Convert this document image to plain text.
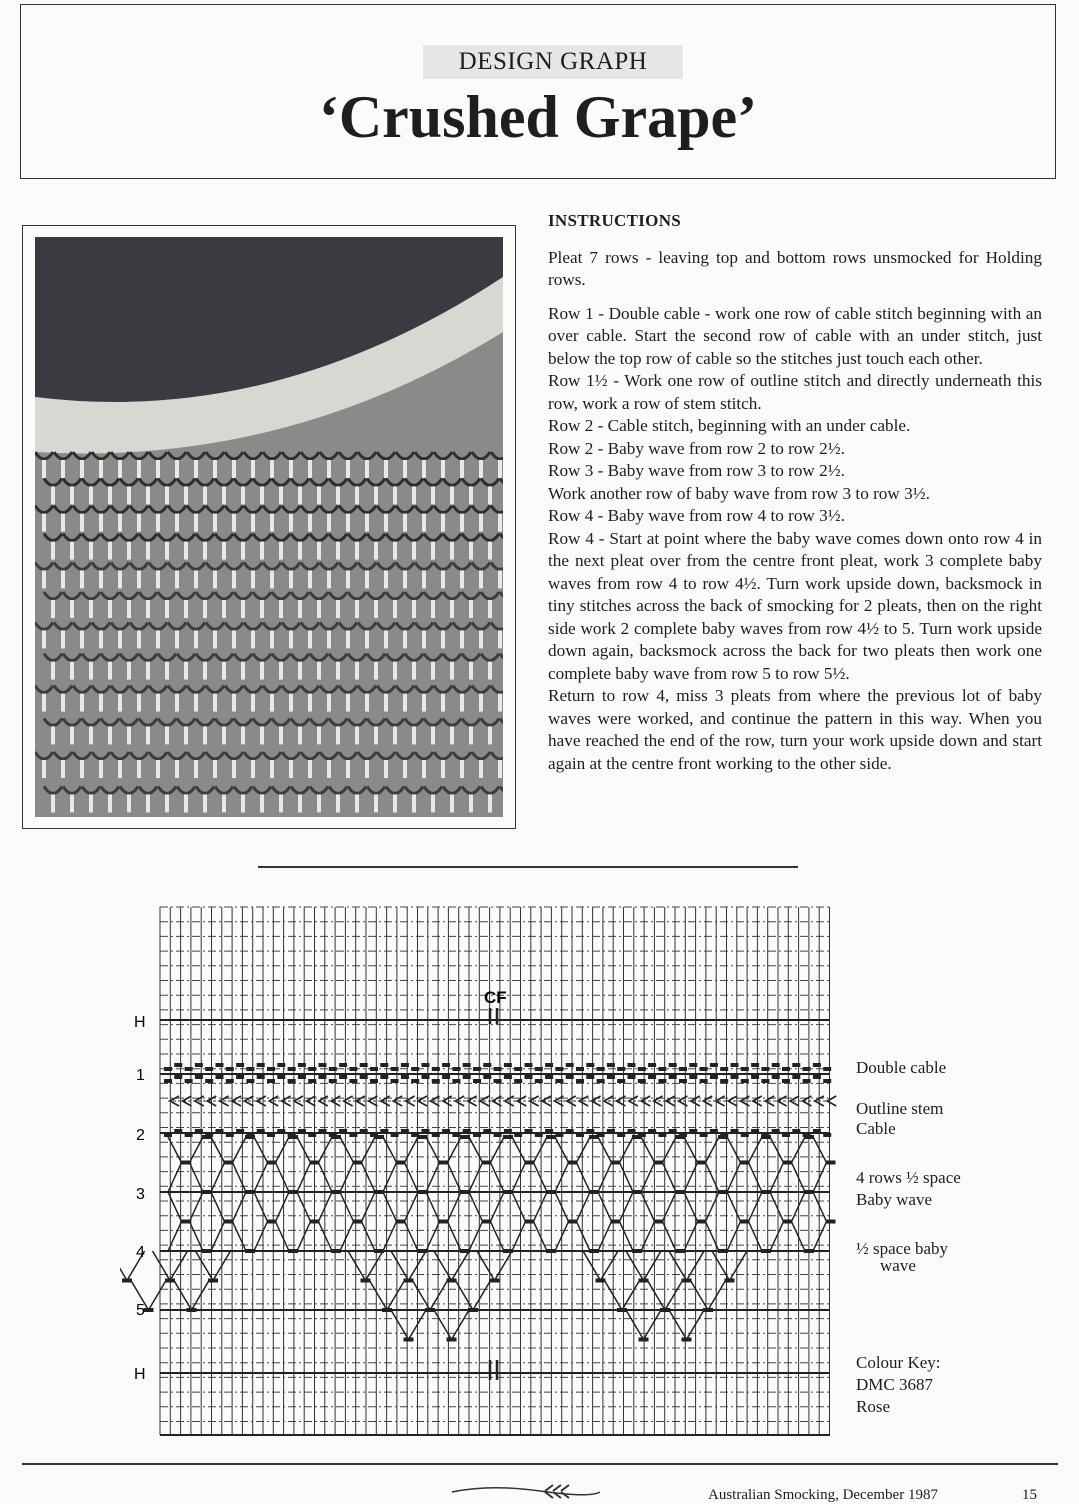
DESIGN GRAPH
‘Crushed Grape’
INSTRUCTIONS

Pleat 7 rows - leaving top and bottom rows unsmocked for Holding rows.

Row 1 - Double cable - work one row of cable stitch beginning with an over cable. Start the second row of cable with an under stitch, just below the top row of cable so the stitches just touch each other.

Row 1½ - Work one row of outline stitch and directly underneath this row, work a row of stem stitch.

Row 2 - Cable stitch, beginning with an under cable.

Row 2 - Baby wave from row 2 to row 2½.

Row 3 - Baby wave from row 3 to row 2½.

Work another row of baby wave from row 3 to row 3½.

Row 4 - Baby wave from row 4 to row 3½.

Row 4 - Start at point where the baby wave comes down onto row 4 in the next pleat over from the centre front pleat, work 3 complete baby waves from row 4 to row 4½. Turn work upside down, backsmock in tiny stitches across the back of smocking for 2 pleats, then on the right side work 2 complete baby waves from row 4½ to 5. Turn work upside down again, backsmock across the back for two pleats then work one complete baby wave from row 5 to row 5½.

Return to row 4, miss 3 pleats from where the previous lot of baby waves were worked, and continue the pattern in this way. When you have reached the end of the row, turn your work upside down and start again at the centre front working to the other side.

H
1
2
3
4
5
H
CF
Double cable
Outline stem
Cable
4 rows ½ space
Baby wave
½ space baby
wave
Colour Key:
DMC 3687
Rose
Australian Smocking, December 1987	15
